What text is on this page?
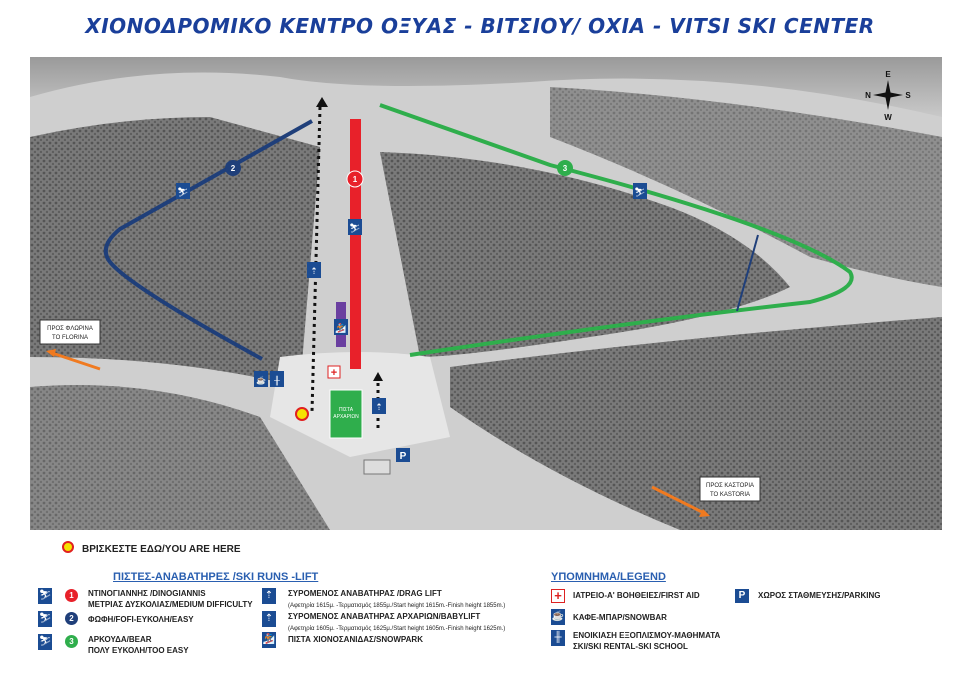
ΧΙΟΝΟΔΡΟΜΙΚΟ ΚΕΝΤΡΟ ΟΞΥΑΣ - ΒΙΤΣΙΟΥ/ ΟΧΙΑ - VITSI SKI CENTER
ΠΙΣΤΑ
ΑΡΧΑΡΙΩΝ
2
1
3
⛷
⛷
⛷
⇡
⇡
🏂
☕ ╫
+
P
ΠΡΟΣ ΦΛΩΡΙΝΑ
TO FLORINA
ΠΡΟΣ ΚΑΣΤΟΡΙΑ
TO KASTORIA
E
S
W
N
ΒΡΙΣΚΕΣΤΕ ΕΔΩ/YOU ARE HERE
ΠΙΣΤΕΣ-ΑΝΑΒΑΤΗΡΕΣ /SKI RUNS -LIFT
⛷	1	ΝΤΙΝΟΓΙΑΝΝΗΣ /DINOGIANNIS
ΜΕΤΡΙΑΣ ΔΥΣΚΟΛΙΑΣ/MEDIUM DIFFICULTY
⛷	2	ΦΩΦΗ/FOFI-ΕΥΚΟΛΗ/EASY
⛷	3	ΑΡΚΟΥΔΑ/BEAR
ΠΟΛΥ ΕΥΚΟΛΗ/TOO EASY
⇡	ΣΥΡΟΜΕΝΟΣ ΑΝΑΒΑΤΗΡΑΣ /DRAG LIFT
(Αφετηρία 1615μ. -Τερματισμός 1855μ./Start height 1615m.-Finish height 1855m.)
⇡	ΣΥΡΟΜΕΝΟΣ ΑΝΑΒΑΤΗΡΑΣ ΑΡΧΑΡΙΩΝ/BABYLIFT
(Αφετηρία 1605μ. -Τερματισμός 1625μ./Start height 1605m.-Finish height 1625m.)
🏂 ΠΙΣΤΑ ΧΙΟΝΟΣΑΝΙΔΑΣ/SNOWPARK
ΥΠΟΜΝΗΜΑ/LEGEND
+	ΙΑΤΡΕΙΟ-Α' ΒΟΗΘΕΙΕΣ/FIRST AID
☕ ΚΑΦΕ-ΜΠΑΡ/SNOWBAR
╫	ΕΝΟΙΚΙΑΣΗ ΕΞΟΠΛΙΣΜΟΥ-ΜΑΘΗΜΑΤΑ
ΣΚΙ/SKI RENTAL-SKI SCHOOL
P	ΧΩΡΟΣ ΣΤΑΘΜΕΥΣΗΣ/PARKING
